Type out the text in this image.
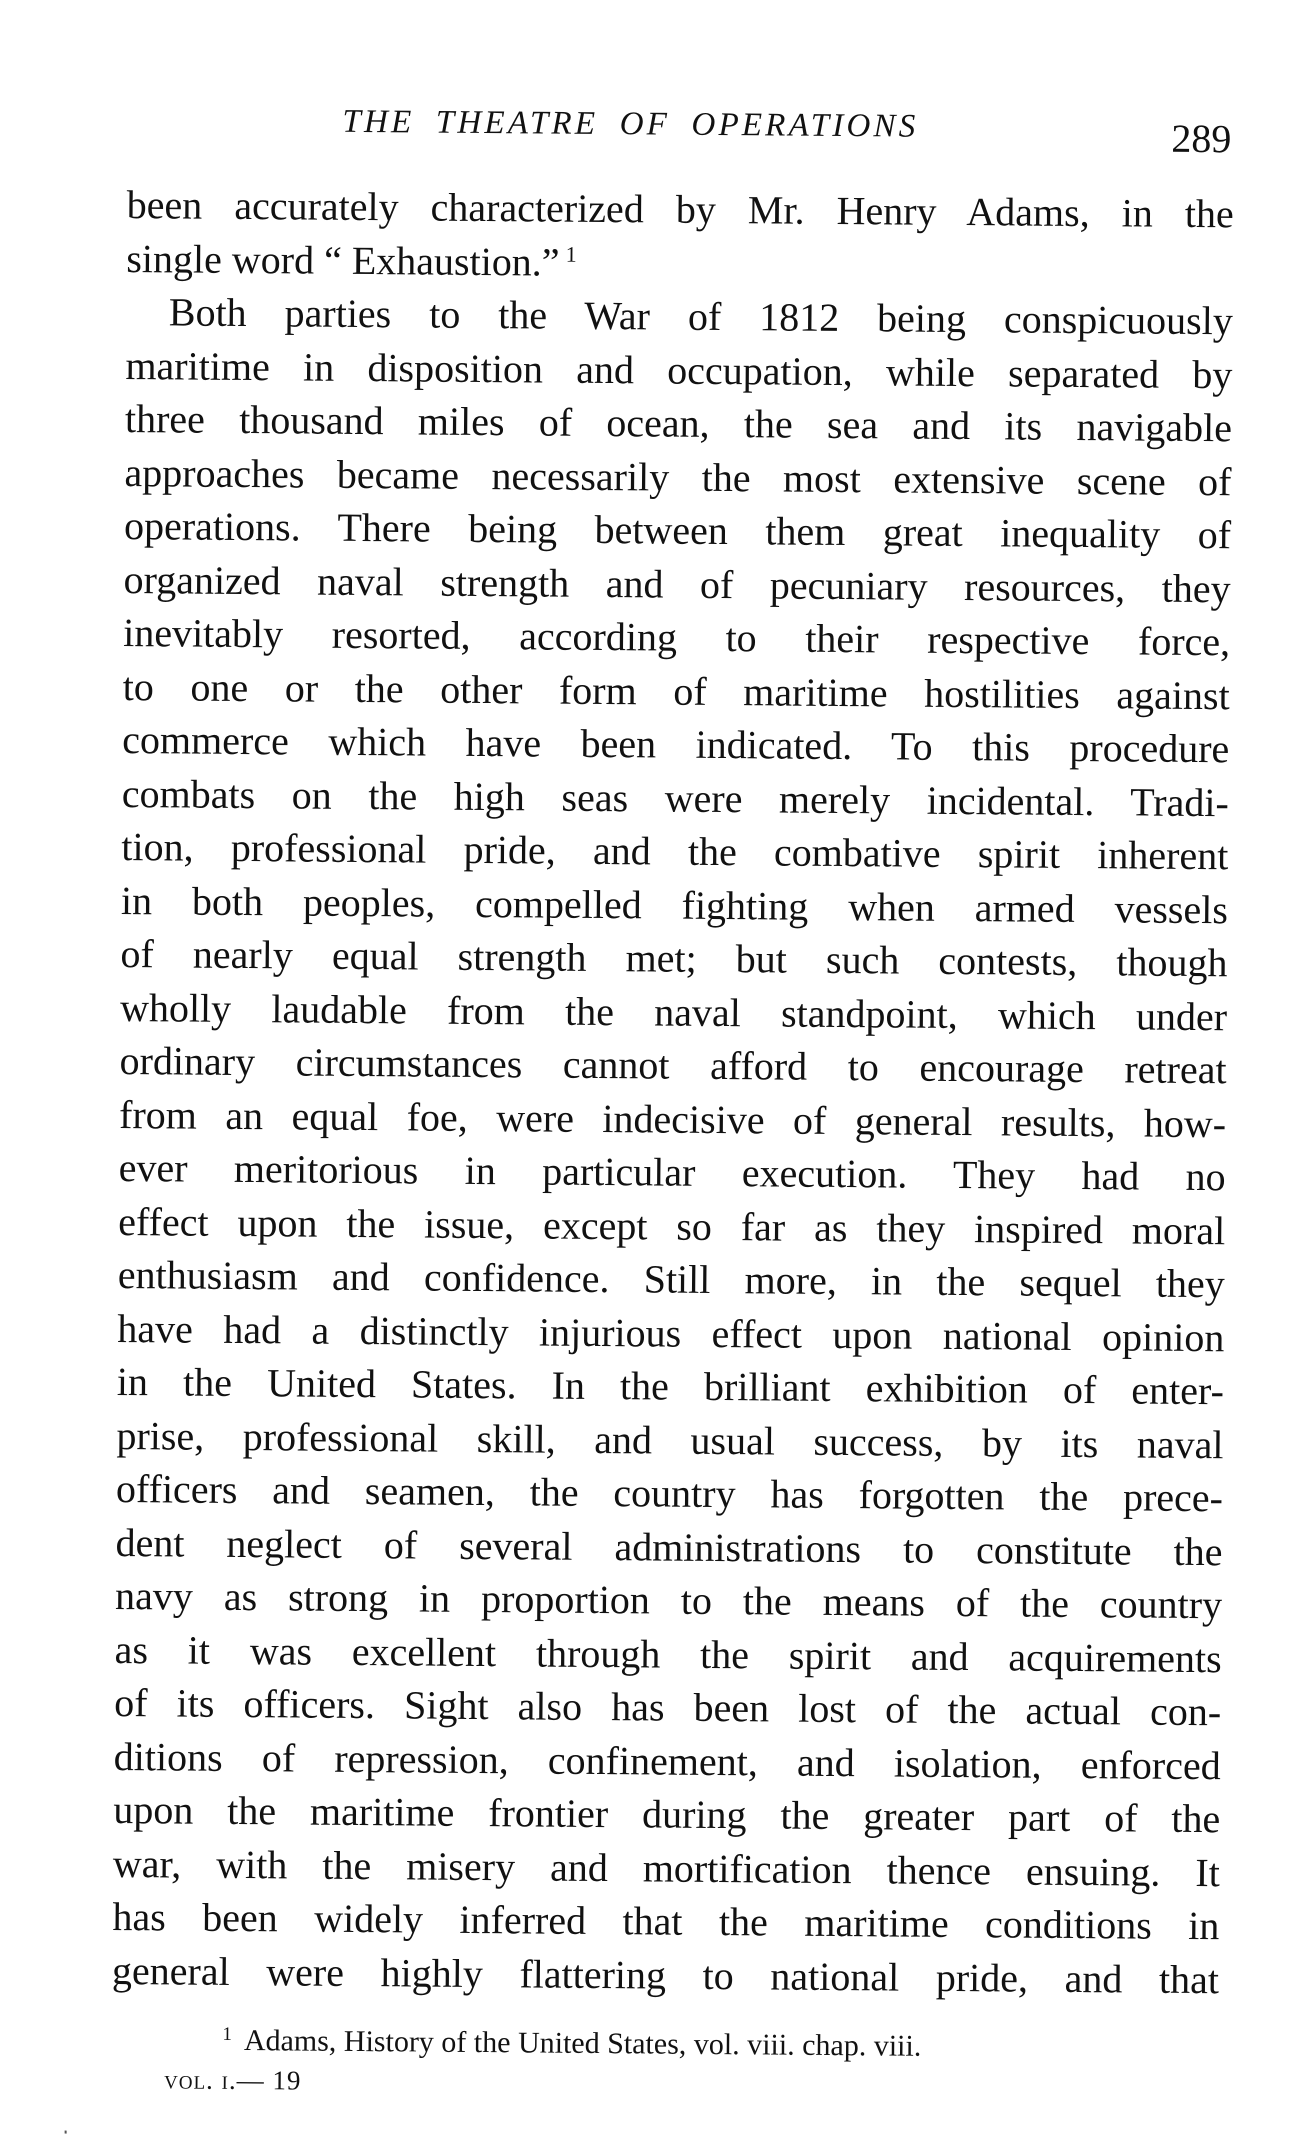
THE THEATRE OF OPERATIONS	289
been accurately characterized by Mr. Henry Adams, in the
single word “ Exhaustion.” $^1$
Both parties to the War of 1812 being conspicuously
maritime in disposition and occupation, while separated by
three thousand miles of ocean, the sea and its navigable
approaches became necessarily the most extensive scene of
operations. There being between them great inequality of
organized naval strength and of pecuniary resources, they
inevitably resorted, according to their respective force,
to one or the other form of maritime hostilities against
commerce which have been indicated. To this procedure
combats on the high seas were merely incidental. Tradi-
tion, professional pride, and the combative spirit inherent
in both peoples, compelled fighting when armed vessels
of nearly equal strength met; but such contests, though
wholly laudable from the naval standpoint, which under
ordinary circumstances cannot afford to encourage retreat
from an equal foe, were indecisive of general results, how-
ever meritorious in particular execution. They had no
effect upon the issue, except so far as they inspired moral
enthusiasm and confidence. Still more, in the sequel they
have had a distinctly injurious effect upon national opinion
in the United States. In the brilliant exhibition of enter-
prise, professional skill, and usual success, by its naval
officers and seamen, the country has forgotten the prece-
dent neglect of several administrations to constitute the
navy as strong in proportion to the means of the country
as it was excellent through the spirit and acquirements
of its officers. Sight also has been lost of the actual con-
ditions of repression, confinement, and isolation, enforced
upon the maritime frontier during the greater part of the
war, with the misery and mortification thence ensuing. It
has been widely inferred that the maritime conditions in
general were highly flattering to national pride, and that
$^1$ Adams, History of the United States, vol. viii. chap. viii.
vol. i.— 19
